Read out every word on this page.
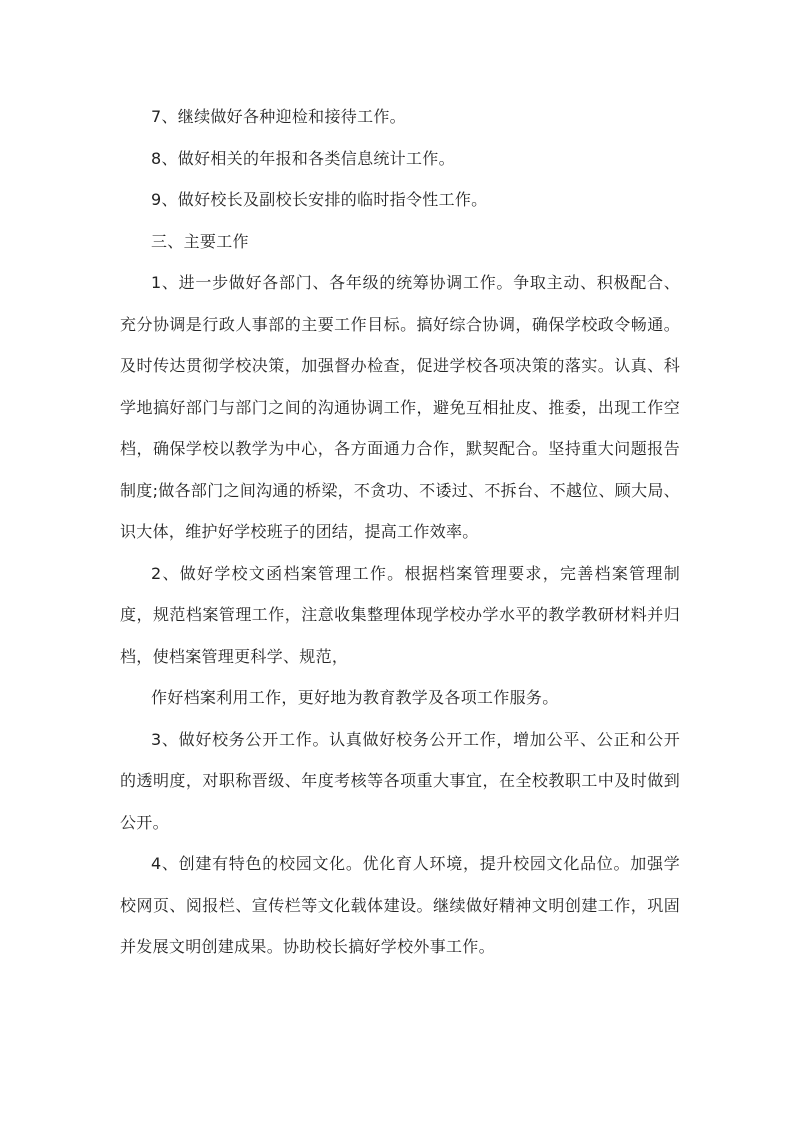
7、继续做好各种迎检和接待工作。

8、做好相关的年报和各类信息统计工作。

9、做好校长及副校长安排的临时指令性工作。

三、主要工作

1、进一步做好各部门、各年级的统筹协调工作。争取主动、积极配合、充分协调是行政人事部的主要工作目标。搞好综合协调，确保学校政令畅通。及时传达贯彻学校决策，加强督办检查，促进学校各项决策的落实。认真、科学地搞好部门与部门之间的沟通协调工作，避免互相扯皮、推委，出现工作空档，确保学校以教学为中心，各方面通力合作，默契配合。坚持重大问题报告制度;做各部门之间沟通的桥梁，不贪功、不诿过、不拆台、不越位、顾大局、识大体，维护好学校班子的团结，提高工作效率。

2、做好学校文函档案管理工作。根据档案管理要求，完善档案管理制度，规范档案管理工作，注意收集整理体现学校办学水平的教学教研材料并归档，使档案管理更科学、规范，

作好档案利用工作，更好地为教育教学及各项工作服务。

3、做好校务公开工作。认真做好校务公开工作，增加公平、公正和公开的透明度，对职称晋级、年度考核等各项重大事宜，在全校教职工中及时做到公开。

4、创建有特色的校园文化。优化育人环境，提升校园文化品位。加强学校网页、阅报栏、宣传栏等文化载体建设。继续做好精神文明创建工作，巩固并发展文明创建成果。协助校长搞好学校外事工作。
